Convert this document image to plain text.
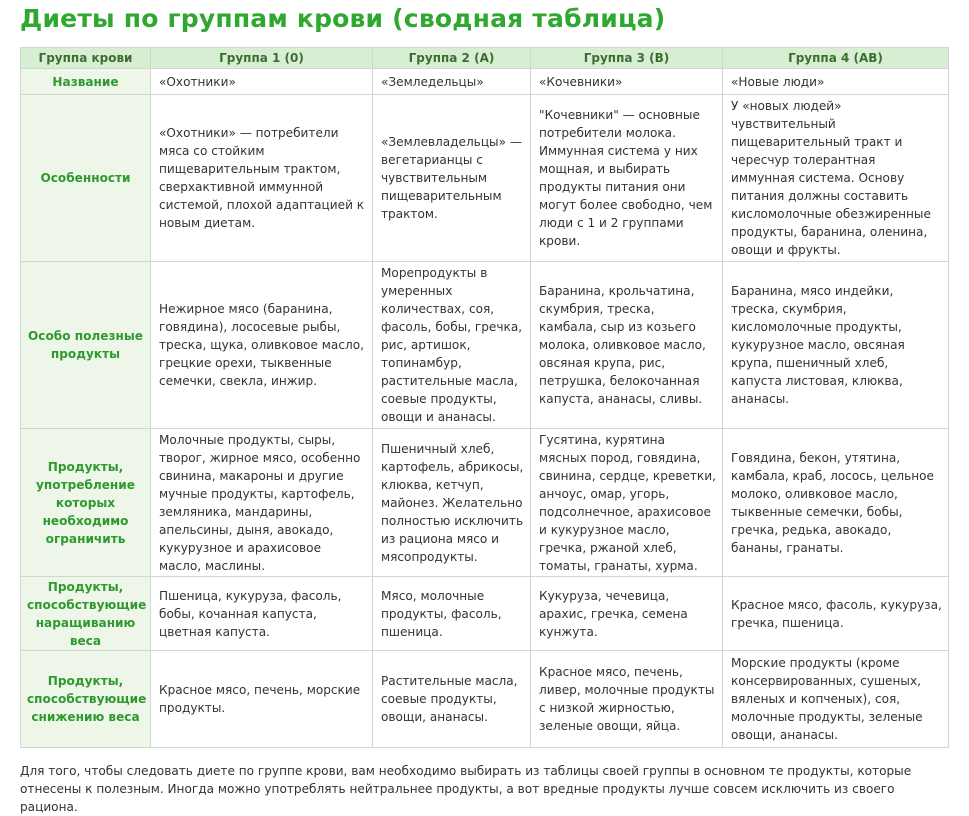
Диеты по группам крови (сводная таблица)
Группа крови	Группа 1 (0)	Группа 2 (А)	Группа 3 (В)	Группа 4 (АВ)
Название	«Охотники»	«Земледельцы»	«Кочевники»	«Новые люди»
Особенности	«Охотники» — потребители мяса со стойким пищеварительным трактом, сверхактивной иммунной системой, плохой адаптацией к новым диетам.	«Землевладельцы» — вегетарианцы с чувствительным пищеварительным трактом.	"Кочевники" — основные потребители молока. Иммунная система у них мощная, и выбирать продукты питания они могут более свободно, чем люди с 1 и 2 группами крови.	У «новых людей» чувствительный пищеварительный тракт и чересчур толерантная иммунная система. Основу питания должны составить кисломолочные обезжиренные продукты, баранина, оленина, овощи и фрукты.
Особо полезные продукты	Нежирное мясо (баранина, говядина), лососевые рыбы, треска, щука, оливковое масло, грецкие орехи, тыквенные семечки, свекла, инжир.	Морепродукты в умеренных количествах, соя, фасоль, бобы, гречка, рис, артишок, топинамбур, растительные масла, соевые продукты, овощи и ананасы.	Баранина, крольчатина, скумбрия, треска, камбала, сыр из козьего молока, оливковое масло, овсяная крупа, рис, петрушка, белокочанная капуста, ананасы, сливы.	Баранина, мясо индейки, треска, скумбрия, кисломолочные продукты, кукурузное масло, овсяная крупа, пшеничный хлеб, капуста листовая, клюква, ананасы.
Продукты, употребление которых необходимо ограничить	Молочные продукты, сыры, творог, жирное мясо, особенно свинина, макароны и другие мучные продукты, картофель, земляника, мандарины, апельсины, дыня, авокадо, кукурузное и арахисовое масло, маслины.	Пшеничный хлеб, картофель, абрикосы, клюква, кетчуп, майонез. Желательно полностью исключить из рациона мясо и мясопродукты.	Гусятина, курятина мясных пород, говядина, свинина, сердце, креветки, анчоус, омар, угорь, подсолнечное, арахисовое и кукурузное масло, гречка, ржаной хлеб, томаты, гранаты, хурма.	Говядина, бекон, утятина, камбала, краб, лосось, цельное молоко, оливковое масло, тыквенные семечки, бобы, гречка, редька, авокадо, бананы, гранаты.
Продукты, способствующие наращиванию веса	Пшеница, кукуруза, фасоль, бобы, кочанная капуста, цветная капуста.	Мясо, молочные продукты, фасоль, пшеница.	Кукуруза, чечевица, арахис, гречка, семена кунжута.	Красное мясо, фасоль, кукуруза, гречка, пшеница.
Продукты, способствующие снижению веса	Красное мясо, печень, морские продукты.	Растительные масла, соевые продукты, овощи, ананасы.	Красное мясо, печень, ливер, молочные продукты с низкой жирностью, зеленые овощи, яйца.	Морские продукты (кроме консервированных, сушеных, вяленых и копченых), соя, молочные продукты, зеленые овощи, ананасы.
Для того, чтобы следовать диете по группе крови, вам необходимо выбирать из таблицы своей группы в основном те продукты, которые отнесены к полезным. Иногда можно употреблять нейтральнее продукты, а вот вредные продукты лучше совсем исключить из своего рациона.
